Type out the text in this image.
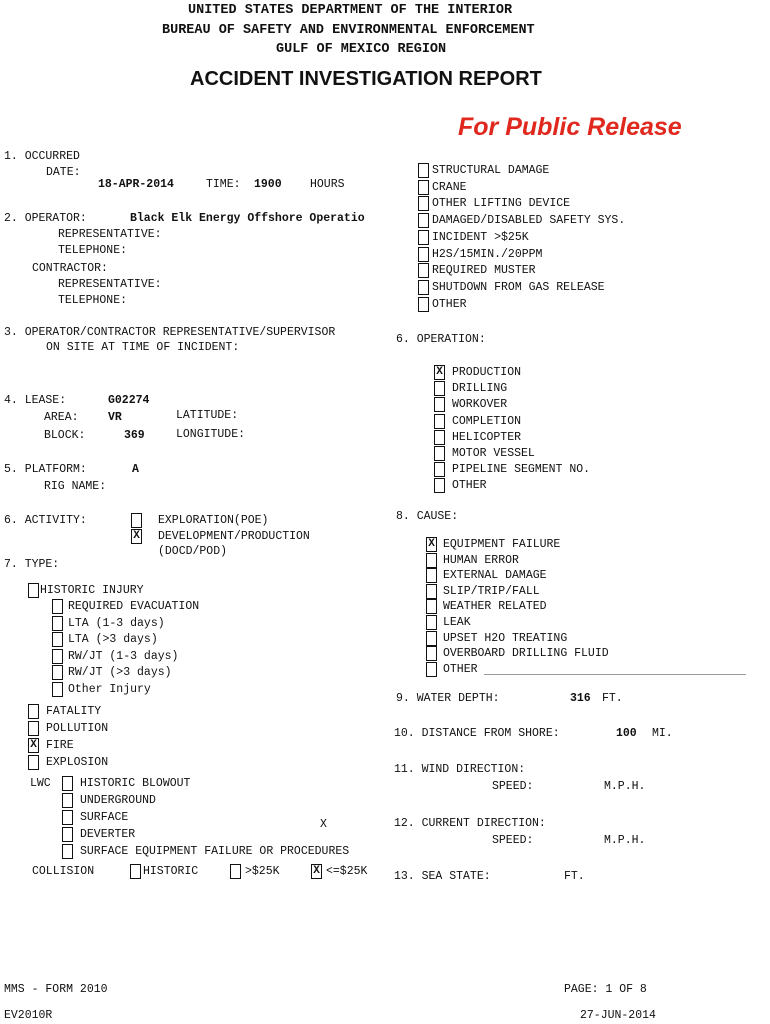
UNITED STATES DEPARTMENT OF THE INTERIOR
BUREAU OF SAFETY AND ENVIRONMENTAL ENFORCEMENT
GULF OF MEXICO REGION
ACCIDENT INVESTIGATION REPORT
For Public Release
1. OCCURRED
DATE:
18-APR-2014	TIME: 1900 HOURS
2. OPERATOR:	Black Elk Energy Offshore Operatio
REPRESENTATIVE:
TELEPHONE:
CONTRACTOR:
REPRESENTATIVE:
TELEPHONE:
3. OPERATOR/CONTRACTOR REPRESENTATIVE/SUPERVISOR
ON SITE AT TIME OF INCIDENT:
4. LEASE:	G02274
AREA:	VR	LATITUDE:
BLOCK:	369	LONGITUDE:
5. PLATFORM:	A
RIG NAME:
6. ACTIVITY:	EXPLORATION(POE)
X DEVELOPMENT/PRODUCTION
(DOCD/POD)
7. TYPE:
HISTORIC INJURY
REQUIRED EVACUATION
LTA (1-3 days)
LTA (>3 days)
RW/JT (1-3 days)
RW/JT (>3 days)
Other Injury
FATALITY
POLLUTION
X FIRE
EXPLOSION
LWC	HISTORIC BLOWOUT
UNDERGROUND
SURFACE
DEVERTER
SURFACE EQUIPMENT FAILURE OR PROCEDURES
X
COLLISION	HISTORIC	>$25K	X <=$25K
STRUCTURAL DAMAGE
CRANE
OTHER LIFTING DEVICE
DAMAGED/DISABLED SAFETY SYS.
INCIDENT >$25K
H2S/15MIN./20PPM
REQUIRED MUSTER
SHUTDOWN FROM GAS RELEASE
OTHER
6. OPERATION:
X PRODUCTION
DRILLING
WORKOVER
COMPLETION
HELICOPTER
MOTOR VESSEL
PIPELINE SEGMENT NO.
OTHER
8. CAUSE:
X EQUIPMENT FAILURE
HUMAN ERROR
EXTERNAL DAMAGE
SLIP/TRIP/FALL
WEATHER RELATED
LEAK
UPSET H2O TREATING
OVERBOARD DRILLING FLUID
OTHER
9. WATER DEPTH:	316 FT.
10. DISTANCE FROM SHORE:	100 MI.
11. WIND DIRECTION:
SPEED:	M.P.H.
12. CURRENT DIRECTION:
SPEED:	M.P.H.
13. SEA STATE:	FT.
MMS - FORM 2010
EV2010R
PAGE: 1 OF 8
27-JUN-2014
